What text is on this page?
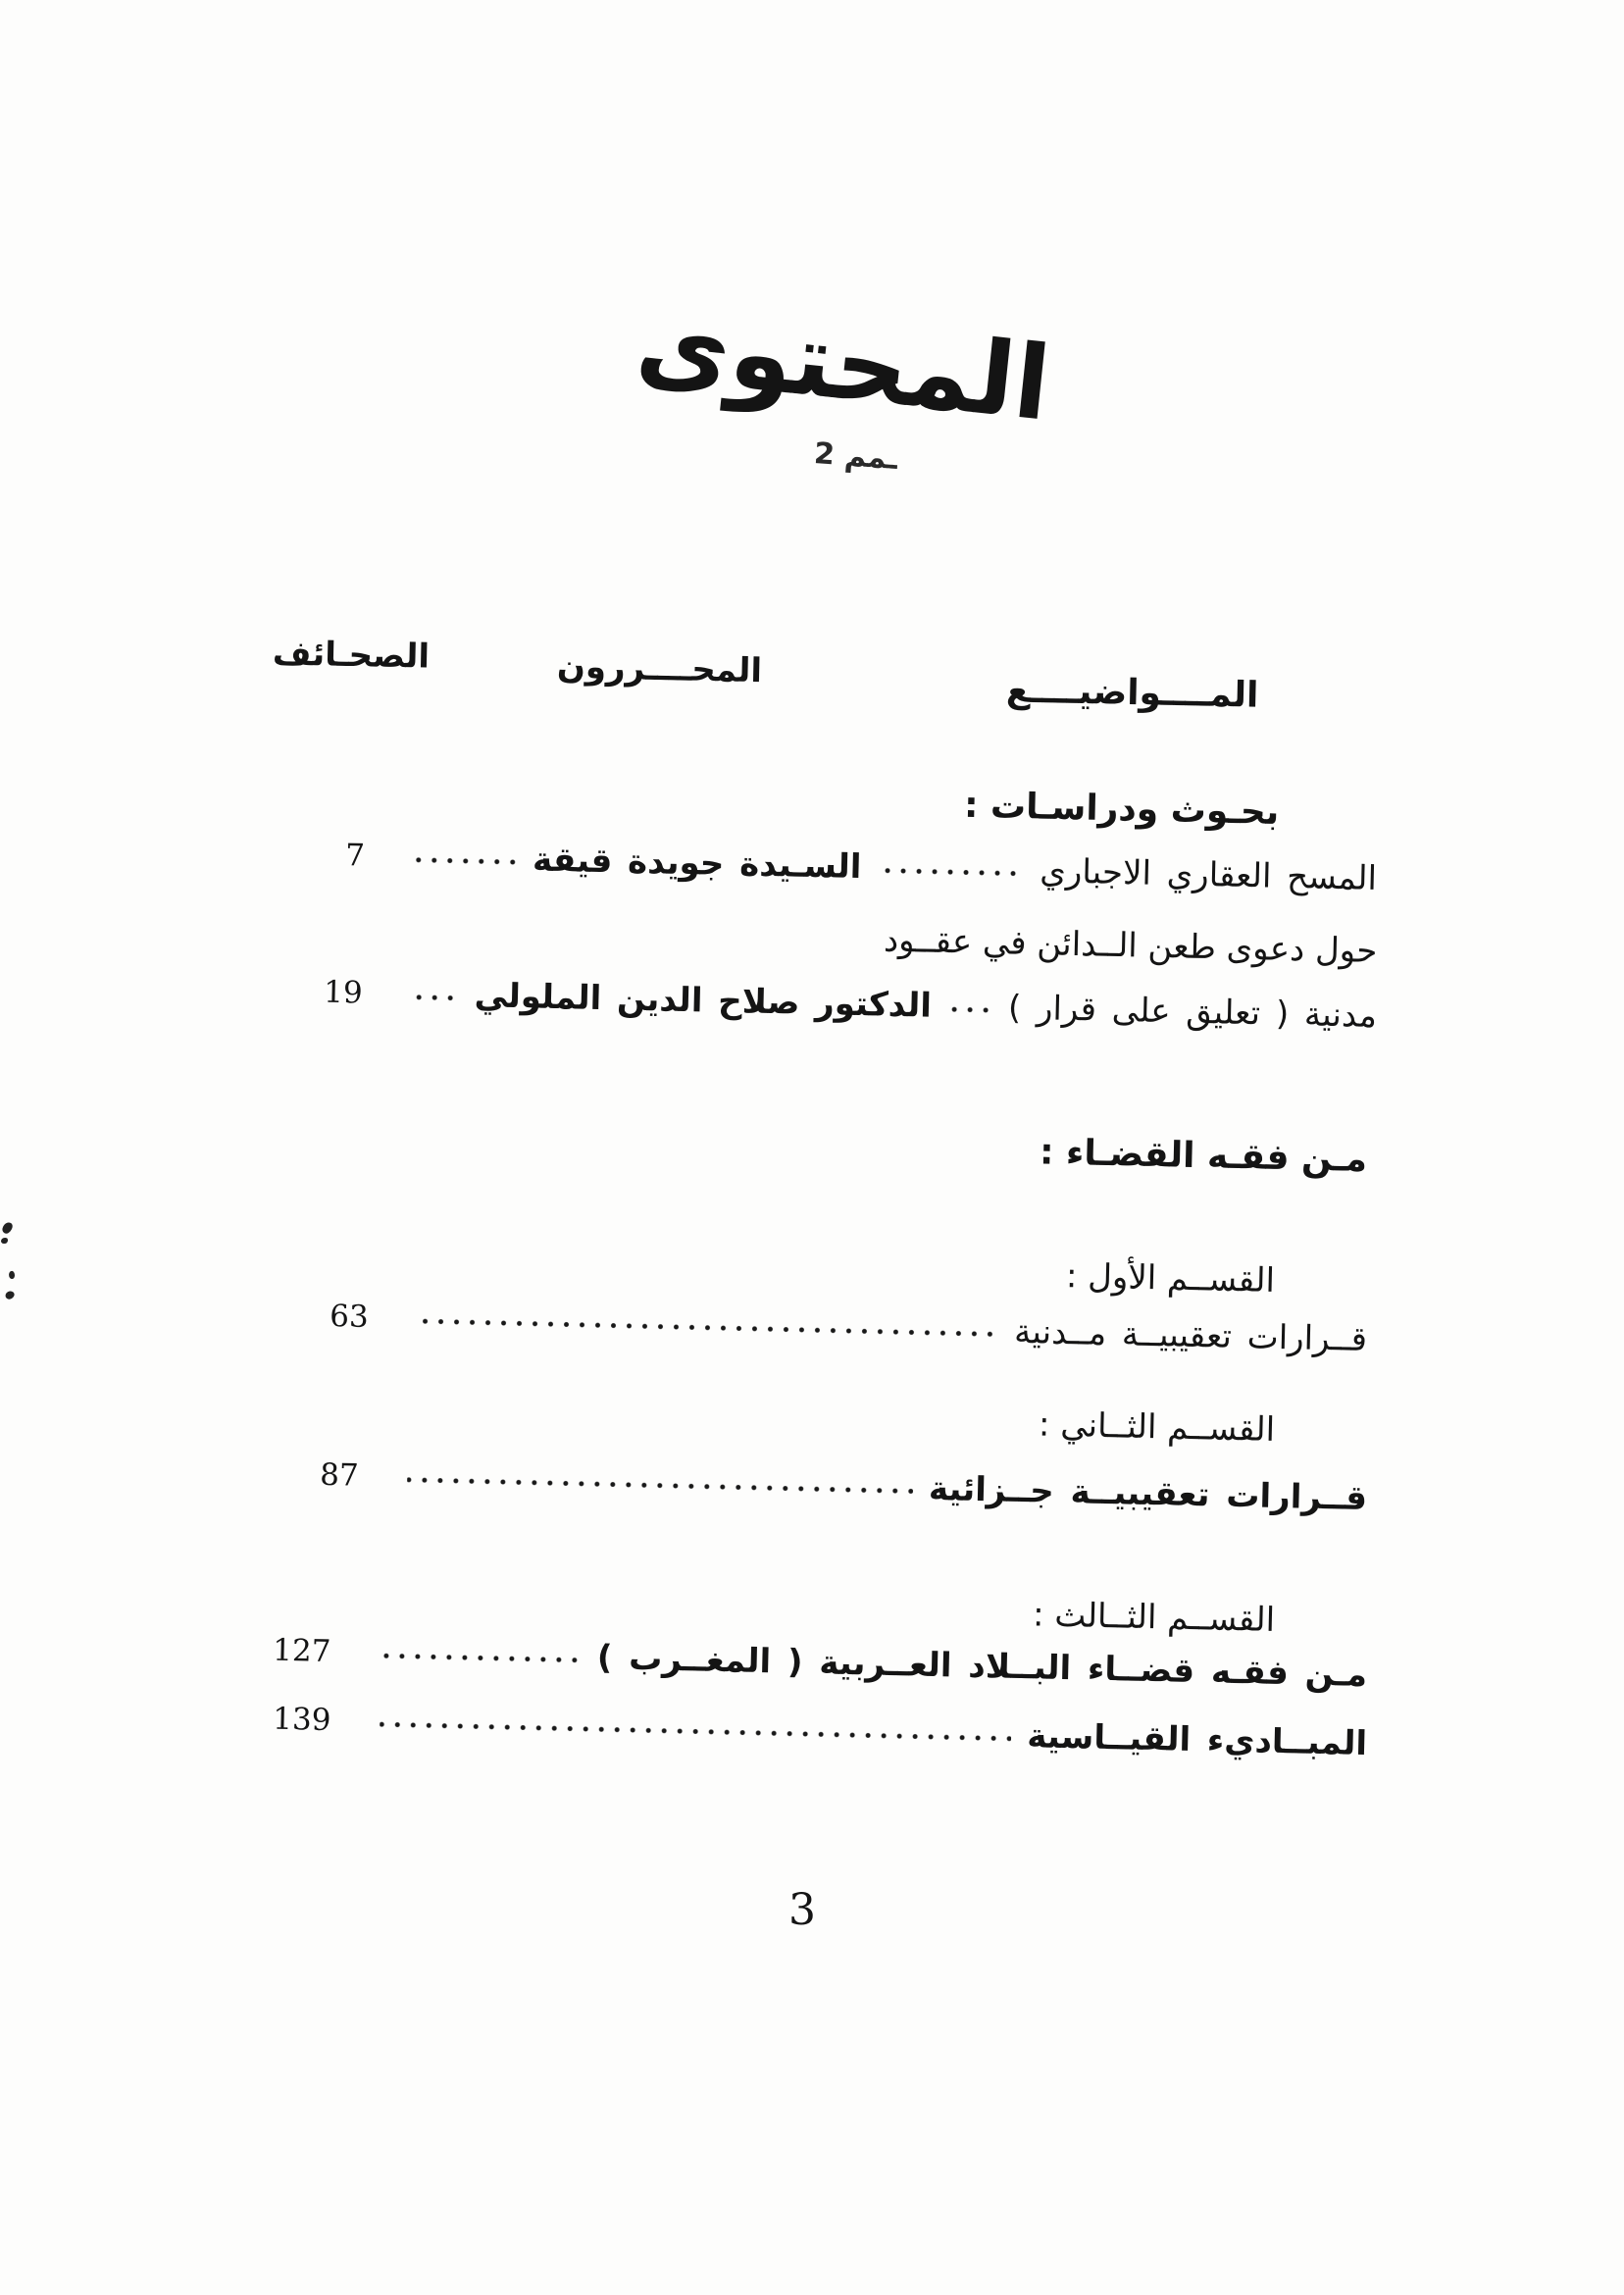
المحتوى
ـمم 2
الصحـائف	المحــــررون
المــــواضيــــع
بحـوث ودراسـات :
المسح العقاري الاجباري
السـيدة جويدة قيقة
7
حول دعوى طعن الــدائن في عقــود
مدنية ( تعليق على قرار )
الدكتور صلاح الدين الملولي
19
مـن فقـه القضـاء :
القســم الأول :
قــرارات تعقيبيــة مــدنية
63
القســم الثــاني :
قــرارات تعقيبيــة جــزائية
87
القســم الثــالث :
مـن فقـه قضــاء البــلاد العــربية ( المغــرب )
127
المبــاديء القيــاسية
139
3
